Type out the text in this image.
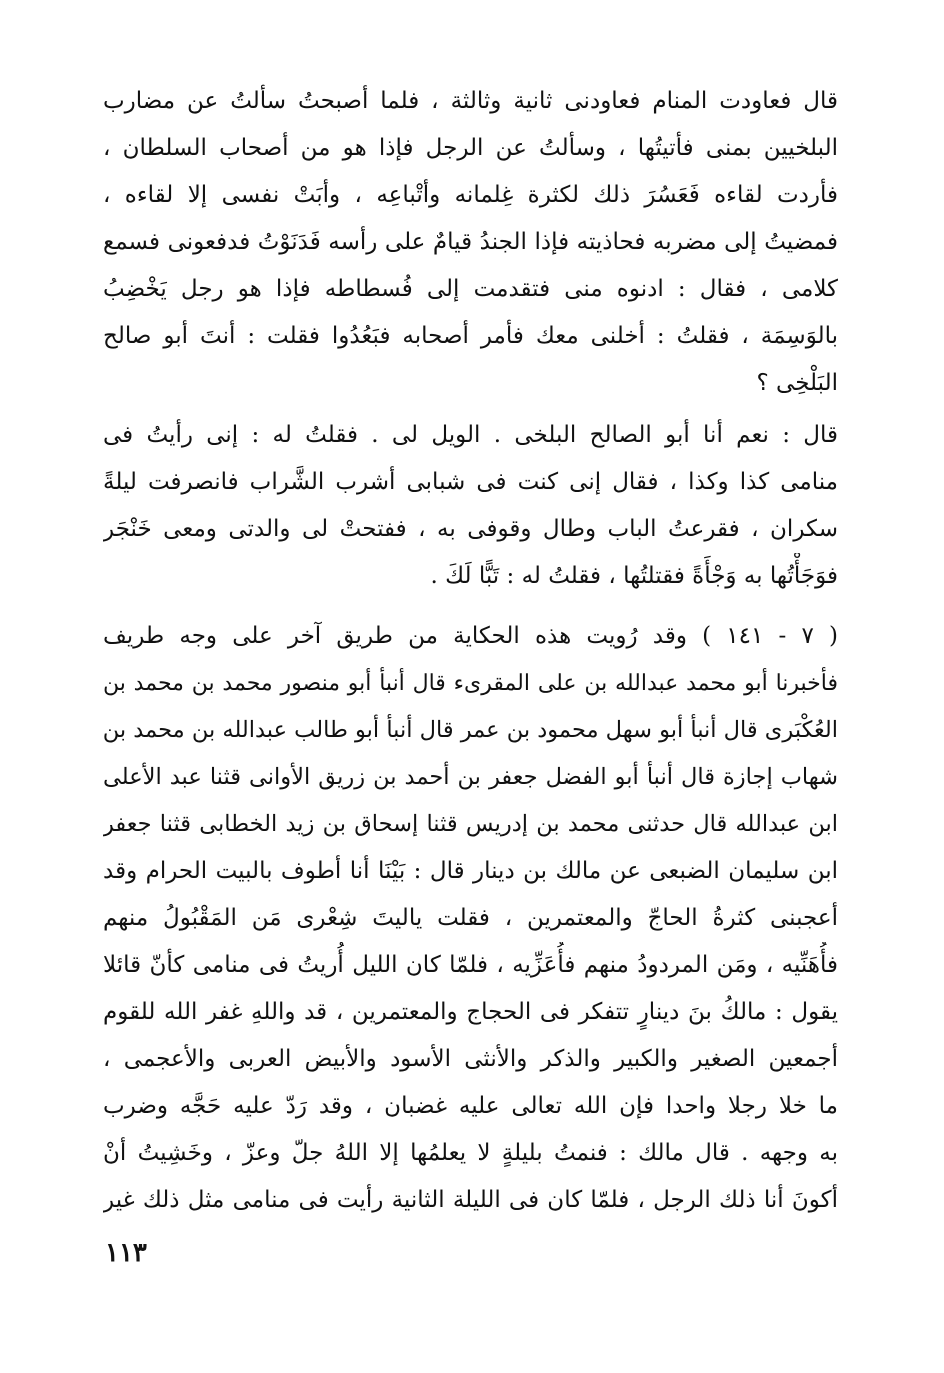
قال فعاودت المنام فعاودنى ثانية وثالثة ، فلما أصبحتُ سألتُ عن مضارب
البلخيين بمنى فأتيتُها ، وسألتُ عن الرجل فإذا هو من أصحاب السلطان ،
فأردت لقاءه فَعَسُرَ ذلك لكثرة غِلمانه وأتْباعِه ، وأبَتْ نفسى إلا لقاءه ،
فمضيتُ إلى مضربه فحاذيته فإذا الجندُ قيامٌ على رأسه فَدَنَوْتُ فدفعونى فسمع
كلامى ، فقال : ادنوه منى فتقدمت إلى فُسطاطه فإذا هو رجل يَخْضِبُ
بالوَسِمَة ، فقلتُ : أخلنى معك فأمر أصحابه فبَعُدُوا فقلت : أنتَ أبو صالح
البَلْخِى ؟
قال : نعم أنا أبو الصالح البلخى . الويل لى . فقلتُ له : إنى رأيتُ فى
منامى كذا وكذا ، فقال إنى كنت فى شبابى أشرب الشَّراب فانصرفت ليلةً
سكران ، فقرعتُ الباب وطال وقوفى به ، ففتحتْ لى والدتى ومعى خَنْجَر
فوَجَأْتُها به وَجْأَةً فقتلتُها ، فقلتُ له : تَبًّا لَكَ .
( ٧ - ١٤١ ) وقد رُويت هذه الحكاية من طريق آخر على وجه طريف
فأخبرنا أبو محمد عبدالله بن على المقرىء قال أنبأ أبو منصور محمد بن محمد بن
العُكْبَرى قال أنبأ أبو سهل محمود بن عمر قال أنبأ أبو طالب عبدالله بن محمد بن
شهاب إجازة قال أنبأ أبو الفضل جعفر بن أحمد بن زريق الأوانى قثنا عبد الأعلى
ابن عبدالله قال حدثنى محمد بن إدريس قثنا إسحاق بن زيد الخطابى قثنا جعفر
ابن سليمان الضبعى عن مالك بن دينار قال : بَيْنَا أنا أطوف بالبيت الحرام وقد
أعجبنى كثرةُ الحاجّ والمعتمرين ، فقلت ياليتَ شِعْرى مَن المَقْبُولُ منهم
فأُهَنِّيه ، ومَن المردودُ منهم فأُعَزِّيه ، فلمّا كان الليل أُريتُ فى منامى كأنّ قائلا
يقول : مالكُ بنَ دينارٍ تتفكر فى الحجاج والمعتمرين ، قد واللهِ غفر الله للقوم
أجمعين الصغير والكبير والذكر والأنثى الأسود والأبيض العربى والأعجمى ،
ما خلا رجلا واحدا فإن الله تعالى عليه غضبان ، وقد رَدّ عليه حَجَّه وضرب
به وجهه . قال مالك : فنمتُ بليلةٍ لا يعلمُها إلا اللهُ جلّ وعزّ ، وخَشِيتُ أنْ
أكونَ أنا ذلك الرجل ، فلمّا كان فى الليلة الثانية رأيت فى منامى مثل ذلك غير
١١٣
